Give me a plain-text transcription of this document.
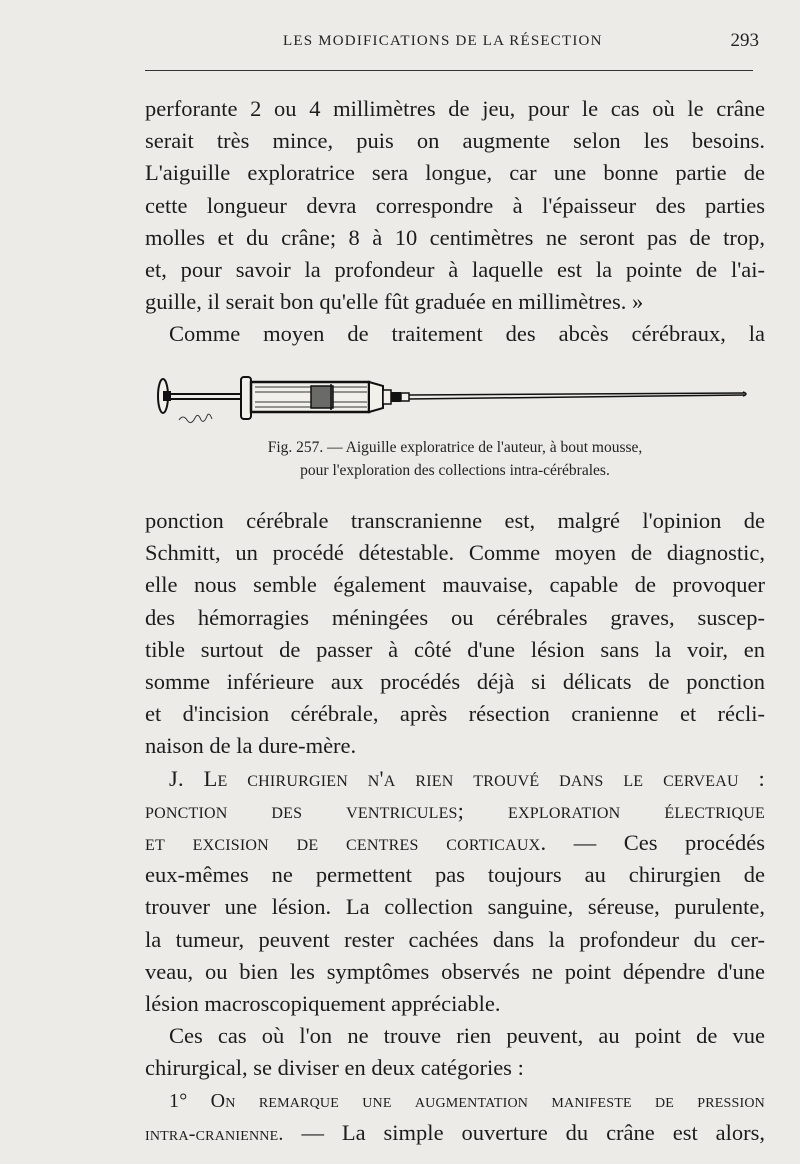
LES MODIFICATIONS DE LA RÉSECTION	293
perforante 2 ou 4 millimètres de jeu, pour le cas où le crâne
serait très mince, puis on augmente selon les besoins.
L'aiguille exploratrice sera longue, car une bonne partie de
cette longueur devra correspondre à l'épaisseur des parties
molles et du crâne; 8 à 10 centimètres ne seront pas de trop,
et, pour savoir la profondeur à laquelle est la pointe de l'ai-
guille, il serait bon qu'elle fût graduée en millimètres. »
Comme moyen de traitement des abcès cérébraux, la
Fig. 257. — Aiguille exploratrice de l'auteur, à bout mousse,
pour l'exploration des collections intra-cérébrales.
ponction cérébrale transcranienne est, malgré l'opinion de
Schmitt, un procédé détestable. Comme moyen de diagnostic,
elle nous semble également mauvaise, capable de provoquer
des hémorragies méningées ou cérébrales graves, suscep-
tible surtout de passer à côté d'une lésion sans la voir, en
somme inférieure aux procédés déjà si délicats de ponction
et d'incision cérébrale, après résection cranienne et récli-
naison de la dure-mère.
J. Le chirurgien n'a rien trouvé dans le cerveau :
ponction des ventricules; exploration électrique
et excision de centres corticaux. — Ces procédés
eux-mêmes ne permettent pas toujours au chirurgien de
trouver une lésion. La collection sanguine, séreuse, purulente,
la tumeur, peuvent rester cachées dans la profondeur du cer-
veau, ou bien les symptômes observés ne point dépendre d'une
lésion macroscopiquement appréciable.
Ces cas où l'on ne trouve rien peuvent, au point de vue
chirurgical, se diviser en deux catégories :
1° On remarque une augmentation manifeste de pression
intra-cranienne. — La simple ouverture du crâne est alors,
